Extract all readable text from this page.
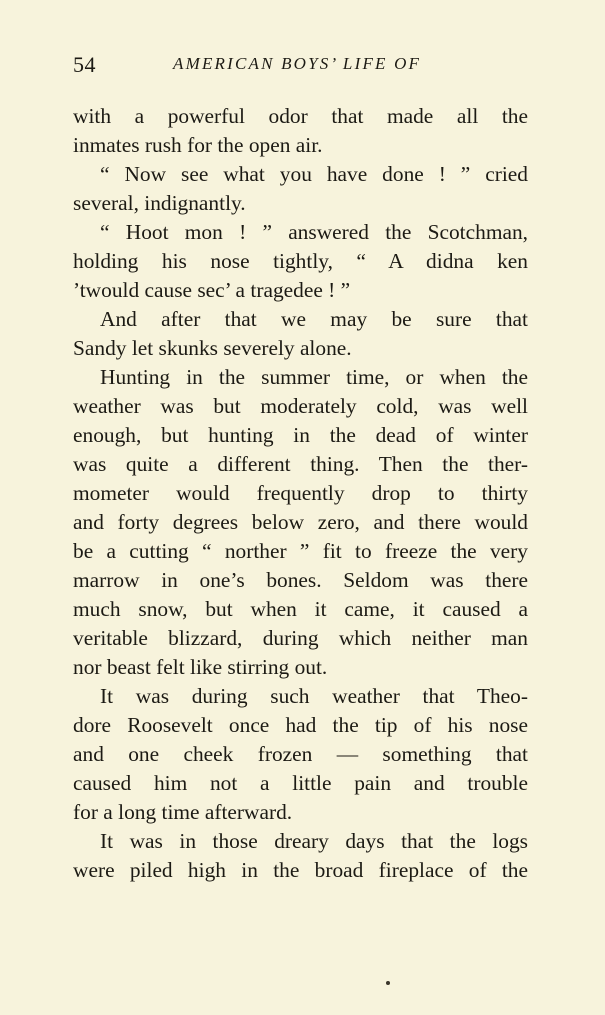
54	AMERICAN BOYS’ LIFE OF
with a powerful odor that made all the
inmates rush for the open air.
“ Now see what you have done ! ” cried
several, indignantly.
“ Hoot mon ! ” answered the Scotchman,
holding his nose tightly, “ A didna ken
’twould cause sec’ a tragedee ! ”
And after that we may be sure that
Sandy let skunks severely alone.
Hunting in the summer time, or when the
weather was but moderately cold, was well
enough, but hunting in the dead of winter
was quite a different thing. Then the ther-
mometer would frequently drop to thirty
and forty degrees below zero, and there would
be a cutting “ norther ” fit to freeze the very
marrow in one’s bones. Seldom was there
much snow, but when it came, it caused a
veritable blizzard, during which neither man
nor beast felt like stirring out.
It was during such weather that Theo-
dore Roosevelt once had the tip of his nose
and one cheek frozen — something that
caused him not a little pain and trouble
for a long time afterward.
It was in those dreary days that the logs
were piled high in the broad fireplace of the
